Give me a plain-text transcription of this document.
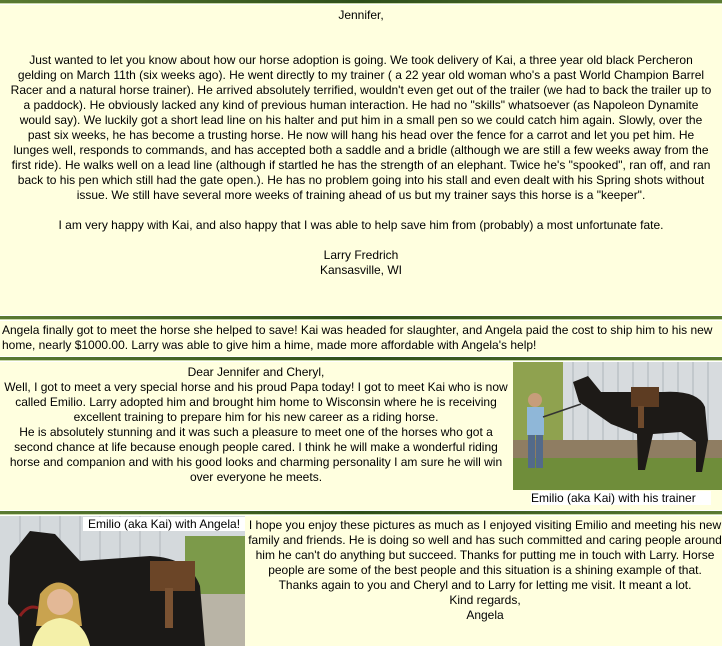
Jennifer,

Just wanted to let you know about how our horse adoption is going. We took delivery of Kai, a three year old black Percheron gelding on March 11th (six weeks ago). He went directly to my trainer ( a 22 year old woman who's a past World Champion Barrel Racer and a natural horse trainer). He arrived absolutely terrified, wouldn't even get out of the trailer (we had to back the trailer up to a paddock). He obviously lacked any kind of previous human interaction. He had no "skills" whatsoever (as Napoleon Dynamite would say). We luckily got a short lead line on his halter and put him in a small pen so we could catch him again. Slowly, over the past six weeks, he has become a trusting horse. He now will hang his head over the fence for a carrot and let you pet him. He lunges well, responds to commands, and has accepted both a saddle and a bridle (although we are still a few weeks away from the first ride). He walks well on a lead line (although if startled he has the strength of an elephant. Twice he's "spooked", ran off, and ran back to his pen which still had the gate open.). He has no problem going into his stall and even dealt with his Spring shots without issue. We still have several more weeks of training ahead of us but my trainer says this horse is a "keeper".

I am very happy with Kai, and also happy that I was able to help save him from (probably) a most unfortunate fate.

Larry Fredrich

Kansasville, WI

Angela finally got to meet the horse she helped to save! Kai was headed for slaughter, and Angela paid the cost to ship him to his new home, nearly $1000.00. Larry was able to give him a hime, made more affordable with Angela's help!

Dear Jennifer and Cheryl,

Well, I got to meet a very special horse and his proud Papa today! I got to meet Kai who is now called Emilio. Larry adopted him and brought him home to Wisconsin where he is receiving excellent training to prepare him for his new career as a riding horse.

He is absolutely stunning and it was such a pleasure to meet one of the horses who got a second chance at life because enough people cared. I think he will make a wonderful riding horse and companion and with his good looks and charming personality I am sure he will win over everyone he meets.

Emilio (aka Kai) with his trainer

I hope you enjoy these pictures as much as I enjoyed visiting Emilio and meeting his new family and friends. He is doing so well and has such committed and caring people around him he can't do anything but succeed. Thanks for putting me in touch with Larry. Horse people are some of the best people and this situation is a shining example of that. Thanks again to you and Cheryl and to Larry for letting me visit. It meant a lot.

Kind regards,

Angela

Emilio (aka Kai) with Angela!
